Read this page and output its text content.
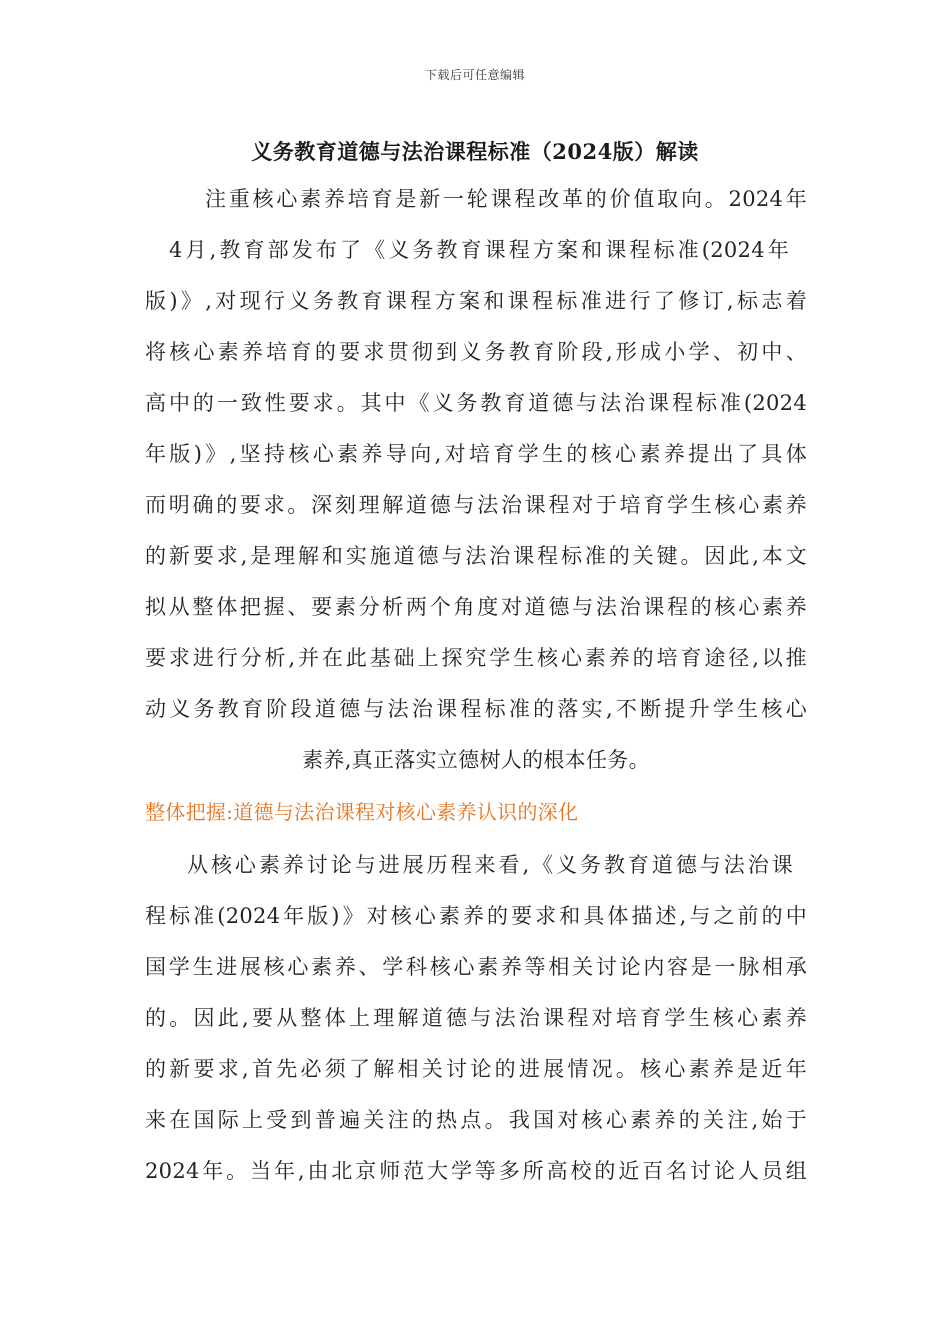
下载后可任意编辑
义务教育道德与法治课程标准（2024版）解读
注重核心素养培育是新一轮课程改革的价值取向。2024年
4月,教育部发布了《义务教育课程方案和课程标准(2024年
版)》,对现行义务教育课程方案和课程标准进行了修订,标志着
将核心素养培育的要求贯彻到义务教育阶段,形成小学、初中、
高中的一致性要求。其中《义务教育道德与法治课程标准(2024
年版)》,坚持核心素养导向,对培育学生的核心素养提出了具体
而明确的要求。深刻理解道德与法治课程对于培育学生核心素养
的新要求,是理解和实施道德与法治课程标准的关键。因此,本文
拟从整体把握、要素分析两个角度对道德与法治课程的核心素养
要求进行分析,并在此基础上探究学生核心素养的培育途径,以推
动义务教育阶段道德与法治课程标准的落实,不断提升学生核心
素养,真正落实立德树人的根本任务。
整体把握:道德与法治课程对核心素养认识的深化
从核心素养讨论与进展历程来看,《义务教育道德与法治课
程标准(2024年版)》对核心素养的要求和具体描述,与之前的中
国学生进展核心素养、学科核心素养等相关讨论内容是一脉相承
的。因此,要从整体上理解道德与法治课程对培育学生核心素养
的新要求,首先必须了解相关讨论的进展情况。核心素养是近年
来在国际上受到普遍关注的热点。我国对核心素养的关注,始于
2024年。当年,由北京师范大学等多所高校的近百名讨论人员组
